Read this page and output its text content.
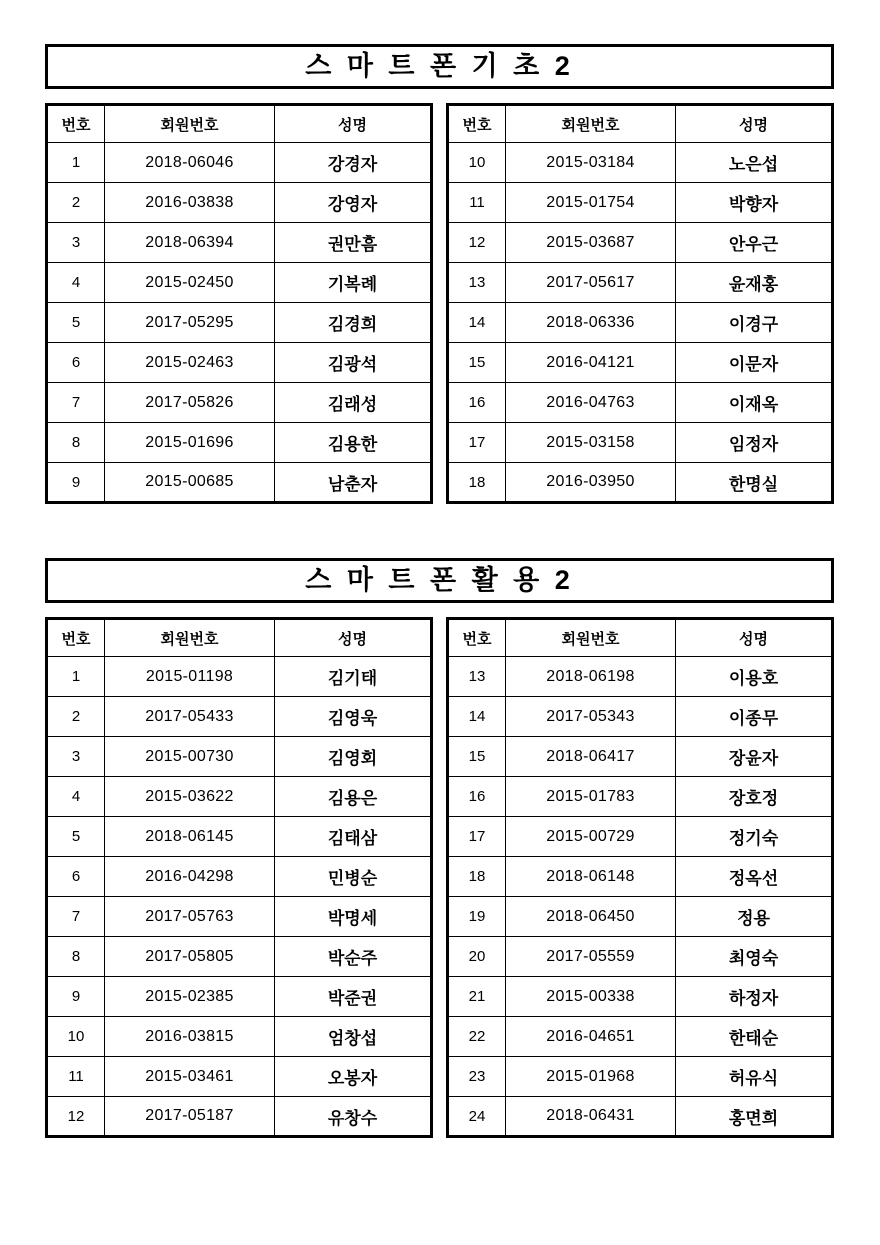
스 마 트 폰 기 초 2
번호	회원번호	성명
1	2018-06046	강경자
2	2016-03838	강영자
3	2018-06394	권만흠
4	2015-02450	기복례
5	2017-05295	김경희
6	2015-02463	김광석
7	2017-05826	김래성
8	2015-01696	김용한
9	2015-00685	남춘자
번호	회원번호	성명
10	2015-03184	노은섭
11	2015-01754	박향자
12	2015-03687	안우근
13	2017-05617	윤재홍
14	2018-06336	이경구
15	2016-04121	이문자
16	2016-04763	이재옥
17	2015-03158	임정자
18	2016-03950	한명실
스 마 트 폰 활 용 2
번호	회원번호	성명
1	2015-01198	김기태
2	2017-05433	김영욱
3	2015-00730	김영회
4	2015-03622	김용은
5	2018-06145	김태삼
6	2016-04298	민병순
7	2017-05763	박명세
8	2017-05805	박순주
9	2015-02385	박준권
10	2016-03815	엄창섭
11	2015-03461	오봉자
12	2017-05187	유창수
번호	회원번호	성명
13	2018-06198	이용호
14	2017-05343	이종무
15	2018-06417	장윤자
16	2015-01783	장호정
17	2015-00729	정기숙
18	2018-06148	정옥선
19	2018-06450	정용
20	2017-05559	최영숙
21	2015-00338	하정자
22	2016-04651	한태순
23	2015-01968	허유식
24	2018-06431	홍면희
